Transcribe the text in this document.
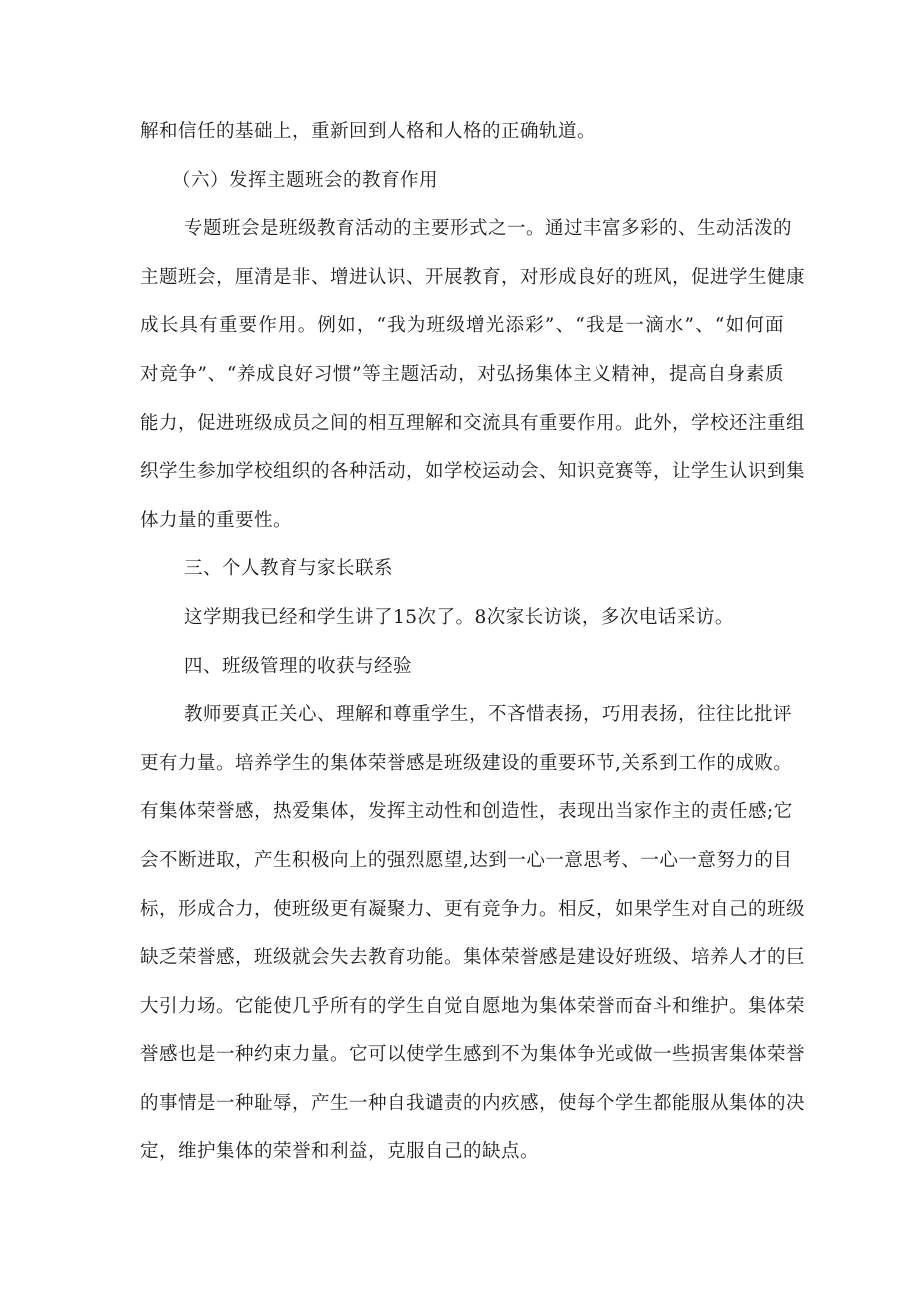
解和信任的基础上，重新回到人格和人格的正确轨道。
（六）发挥主题班会的教育作用
专题班会是班级教育活动的主要形式之一。通过丰富多彩的、生动活泼的
主题班会，厘清是非、增进认识、开展教育，对形成良好的班风，促进学生健康
成长具有重要作用。例如，“我为班级增光添彩”、“我是一滴水”、“如何面
对竞争”、“养成良好习惯”等主题活动，对弘扬集体主义精神，提高自身素质
能力，促进班级成员之间的相互理解和交流具有重要作用。此外，学校还注重组
织学生参加学校组织的各种活动，如学校运动会、知识竞赛等，让学生认识到集
体力量的重要性。
三、个人教育与家长联系
这学期我已经和学生讲了15次了。8次家长访谈，多次电话采访。
四、班级管理的收获与经验
教师要真正关心、理解和尊重学生，不吝惜表扬，巧用表扬，往往比批评
更有力量。培养学生的集体荣誉感是班级建设的重要环节,关系到工作的成败。
有集体荣誉感，热爱集体，发挥主动性和创造性，表现出当家作主的责任感;它
会不断进取，产生积极向上的强烈愿望,达到一心一意思考、一心一意努力的目
标，形成合力，使班级更有凝聚力、更有竞争力。相反，如果学生对自己的班级
缺乏荣誉感，班级就会失去教育功能。集体荣誉感是建设好班级、培养人才的巨
大引力场。它能使几乎所有的学生自觉自愿地为集体荣誉而奋斗和维护。集体荣
誉感也是一种约束力量。它可以使学生感到不为集体争光或做一些损害集体荣誉
的事情是一种耻辱，产生一种自我谴责的内疚感，使每个学生都能服从集体的决
定，维护集体的荣誉和利益，克服自己的缺点。
